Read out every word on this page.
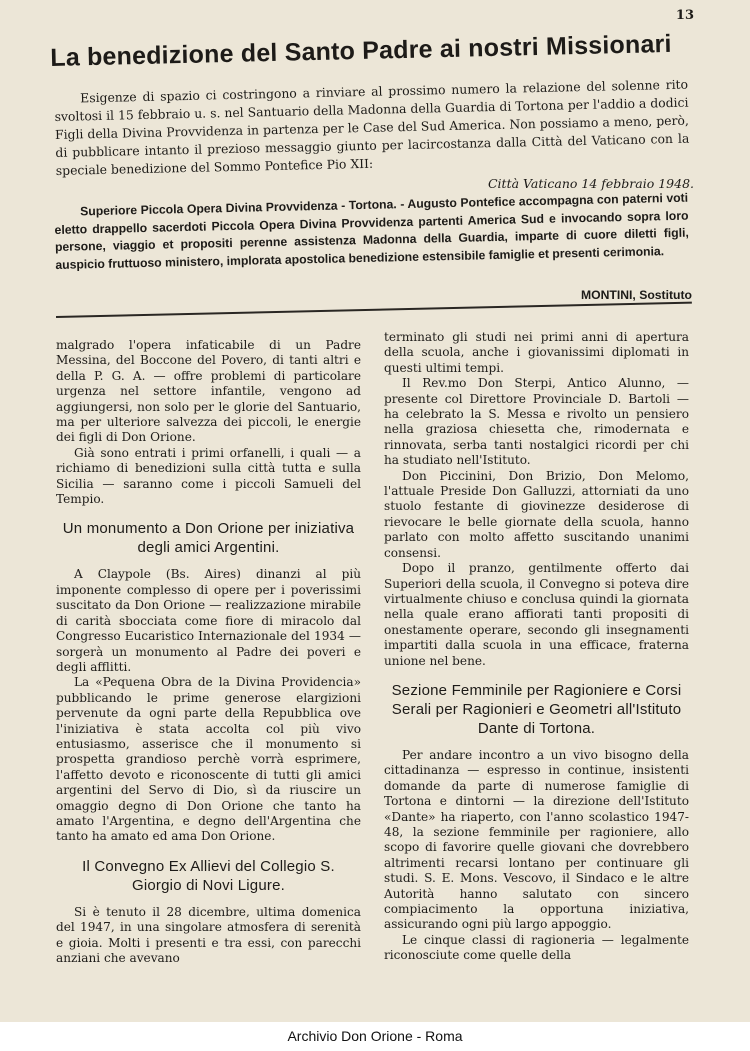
13
La benedizione del Santo Padre ai nostri Missionari

Esigenze di spazio ci costringono a rinviare al prossimo numero la relazione del solenne rito svoltosi il 15 febbraio u. s. nel Santuario della Madonna della Guardia di Tortona per l'addio a dodici Figli della Divina Provvidenza in partenza per le Case del Sud America. Non possiamo a meno, però, di pubblicare intanto il prezioso messaggio giunto per lacircostanza dalla Città del Vaticano con la speciale benedizione del Sommo Pontefice Pio XII:

Città Vaticano 14 febbraio 1948.

Superiore Piccola Opera Divina Provvidenza - Tortona. - Augusto Pontefice accompagna con paterni voti eletto drappello sacerdoti Piccola Opera Divina Provvidenza partenti America Sud e invocando sopra loro persone, viaggio et propositi perenne assistenza Madonna della Guardia, imparte di cuore diletti figli, auspicio fruttuoso ministero, implorata apostolica benedizione estensibile famiglie et presenti cerimonia.

MONTINI, Sostituto

malgrado l'opera infaticabile di un Padre Messina, del Boccone del Povero, di tanti altri e della P. G. A. — offre problemi di particolare urgenza nel settore infantile, vengono ad aggiungersi, non solo per le glorie del Santuario, ma per ulteriore salvezza dei piccoli, le energie dei figli di Don Orione.

Già sono entrati i primi orfanelli, i quali — a richiamo di benedizioni sulla città tutta e sulla Sicilia — saranno come i piccoli Samueli del Tempio.

Un monumento a Don Orione per iniziativa degli amici Argentini.

A Claypole (Bs. Aires) dinanzi al più imponente complesso di opere per i poverissimi suscitato da Don Orione — realizzazione mirabile di carità sbocciata come fiore di miracolo dal Congresso Eucaristico Internazionale del 1934 — sorgerà un monumento al Padre dei poveri e degli afflitti.

La «Pequena Obra de la Divina Providencia» pubblicando le prime generose elargizioni pervenute da ogni parte della Repubblica ove l'iniziativa è stata accolta col più vivo entusiasmo, asserisce che il monumento si prospetta grandioso perchè vorrà esprimere, l'affetto devoto e riconoscente di tutti gli amici argentini del Servo di Dio, sì da riuscire un omaggio degno di Don Orione che tanto ha amato l'Argentina, e degno dell'Argentina che tanto ha amato ed ama Don Orione.

Il Convegno Ex Allievi del Collegio S. Giorgio di Novi Ligure.

Si è tenuto il 28 dicembre, ultima domenica del 1947, in una singolare atmosfera di serenità e gioia. Molti i presenti e tra essi, con parecchi anziani che avevano

terminato gli studi nei primi anni di apertura della scuola, anche i giovanissimi diplomati in questi ultimi tempi.

Il Rev.mo Don Sterpi, Antico Alunno, — presente col Direttore Provinciale D. Bartoli — ha celebrato la S. Messa e rivolto un pensiero nella graziosa chiesetta che, rimodernata e rinnovata, serba tanti nostalgici ricordi per chi ha studiato nell'Istituto.

Don Piccinini, Don Brizio, Don Melomo, l'attuale Preside Don Galluzzi, attorniati da uno stuolo festante di giovinezze desiderose di rievocare le belle giornate della scuola, hanno parlato con molto affetto suscitando unanimi consensi.

Dopo il pranzo, gentilmente offerto dai Superiori della scuola, il Convegno si poteva dire virtualmente chiuso e conclusa quindi la giornata nella quale erano affiorati tanti propositi di onestamente operare, secondo gli insegnamenti impartiti dalla scuola in una efficace, fraterna unione nel bene.

Sezione Femminile per Ragioniere e Corsi Serali per Ragionieri e Geometri all'Istituto Dante di Tortona.

Per andare incontro a un vivo bisogno della cittadinanza — espresso in continue, insistenti domande da parte di numerose famiglie di Tortona e dintorni — la direzione dell'Istituto «Dante» ha riaperto, con l'anno scolastico 1947-48, la sezione femminile per ragioniere, allo scopo di favorire quelle giovani che dovrebbero altrimenti recarsi lontano per continuare gli studi. S. E. Mons. Vescovo, il Sindaco e le altre Autorità hanno salutato con sincero compiacimento la opportuna iniziativa, assicurando ogni più largo appoggio.

Le cinque classi di ragioneria — legalmente riconosciute come quelle della

Archivio Don Orione - Roma
